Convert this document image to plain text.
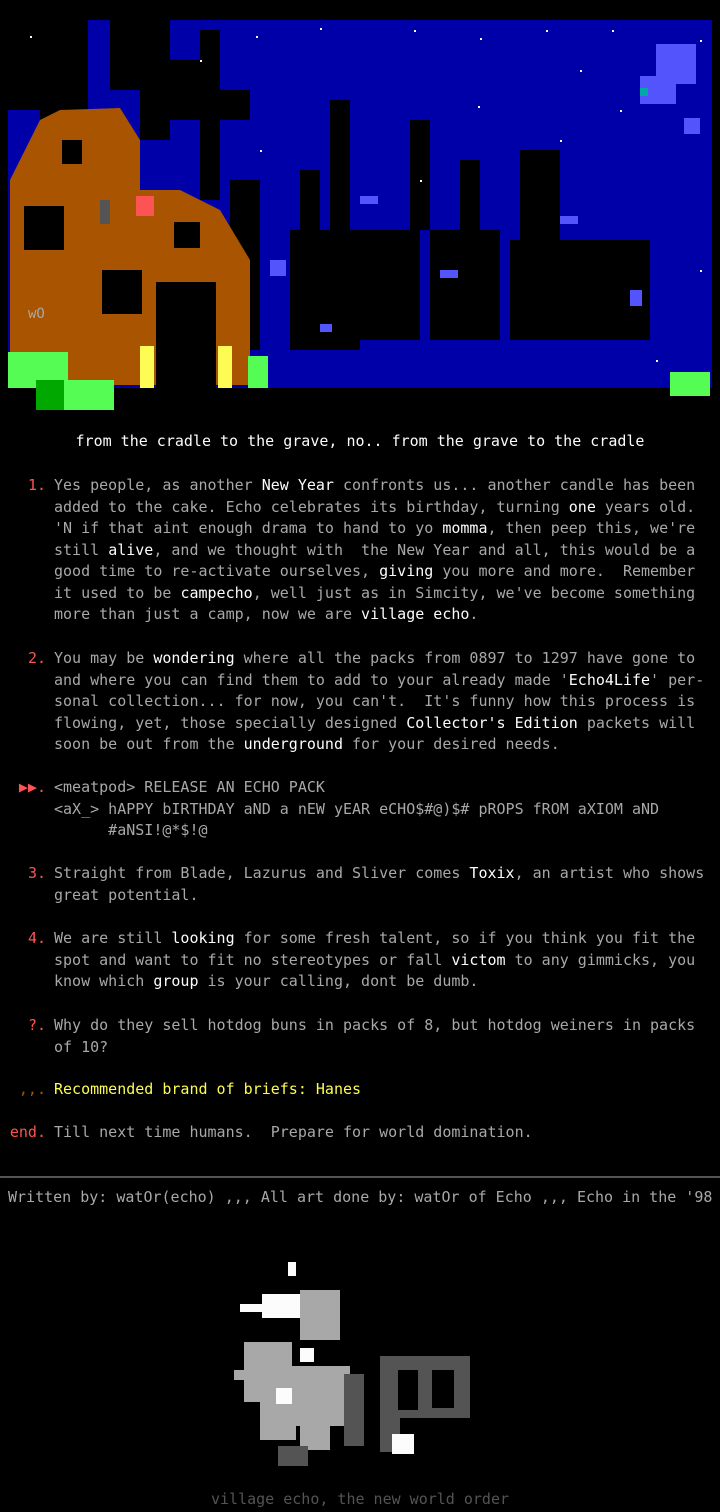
wO
from the cradle to the grave, no.. from the grave to the cradle
1. Yes people, as another New Year confronts us... another candle has been
added to the cake. Echo celebrates its birthday, turning one years old.
'N if that aint enough drama to hand to yo momma, then peep this, we're
still alive, and we thought with  the New Year and all, this would be a
good time to re-activate ourselves, giving you more and more.  Remember
it used to be campecho, well just as in Simcity, we've become something
more than just a camp, now we are village echo.
2. You may be wondering where all the packs from 0897 to 1297 have gone to
and where you can find them to add to your already made 'Echo4Life' per-
sonal collection... for now, you can't.  It's funny how this process is
flowing, yet, those specially designed Collector's Edition packets will
soon be out from the underground for your desired needs.
▶▶. <meatpod> RELEASE AN ECHO PACK
<aX_> hAPPY bIRTHDAY aND a nEW yEAR eCHO$#@)$# pROPS fROM aXIOM aND
#aNSI!@*$!@
3. Straight from Blade, Lazurus and Sliver comes Toxix, an artist who shows
great potential.
4. We are still looking for some fresh talent, so if you think you fit the
spot and want to fit no stereotypes or fall victom to any gimmicks, you
know which group is your calling, dont be dumb.
?. Why do they sell hotdog buns in packs of 8, but hotdog weiners in packs
of 10?
,,. Recommended brand of briefs: Hanes
end. Till next time humans.  Prepare for world domination.
Written by: watOr(echo) ,,, All art done by: watOr of Echo ,,, Echo in the '98
village echo, the new world order
